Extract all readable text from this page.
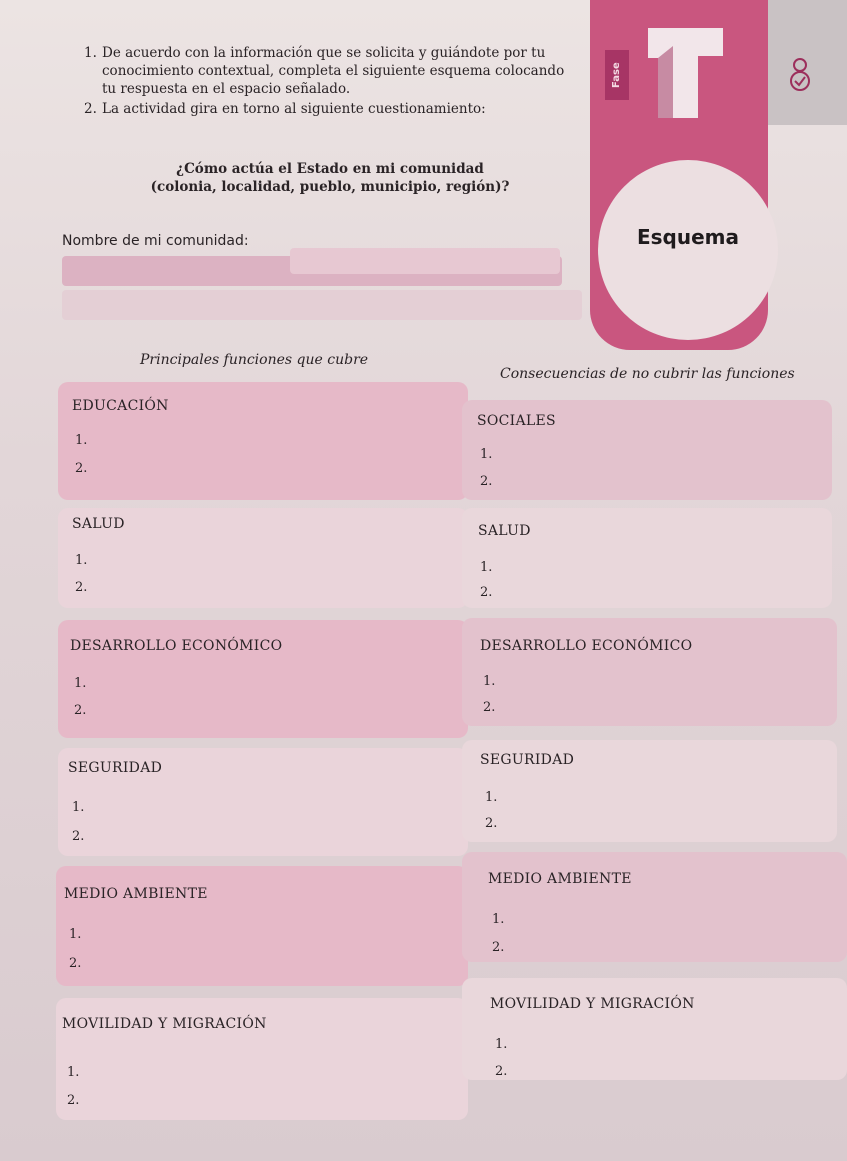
Fase
Esquema
1. De acuerdo con la información que se solicita y guiándote por tu conocimiento contextual, completa el siguiente esquema colocando tu respuesta en el espacio señalado.
2. La actividad gira en torno al siguiente cuestionamiento:
¿Cómo actúa el Estado en mi comunidad
(colonia, localidad, pueblo, municipio, región)?
Nombre de mi comunidad:
Principales funciones que cubre
Consecuencias de no cubrir las funciones
EDUCACIÓN
1.
2.
SALUD
1.
2.
DESARROLLO ECONÓMICO
1.
2.
SEGURIDAD
1.
2.
MEDIO AMBIENTE
1.
2.
MOVILIDAD Y MIGRACIÓN
1.
2.
SOCIALES
1.
2.
SALUD
1.
2.
DESARROLLO ECONÓMICO
1.
2.
SEGURIDAD
1.
2.
MEDIO AMBIENTE
1.
2.
MOVILIDAD Y MIGRACIÓN
1.
2.
